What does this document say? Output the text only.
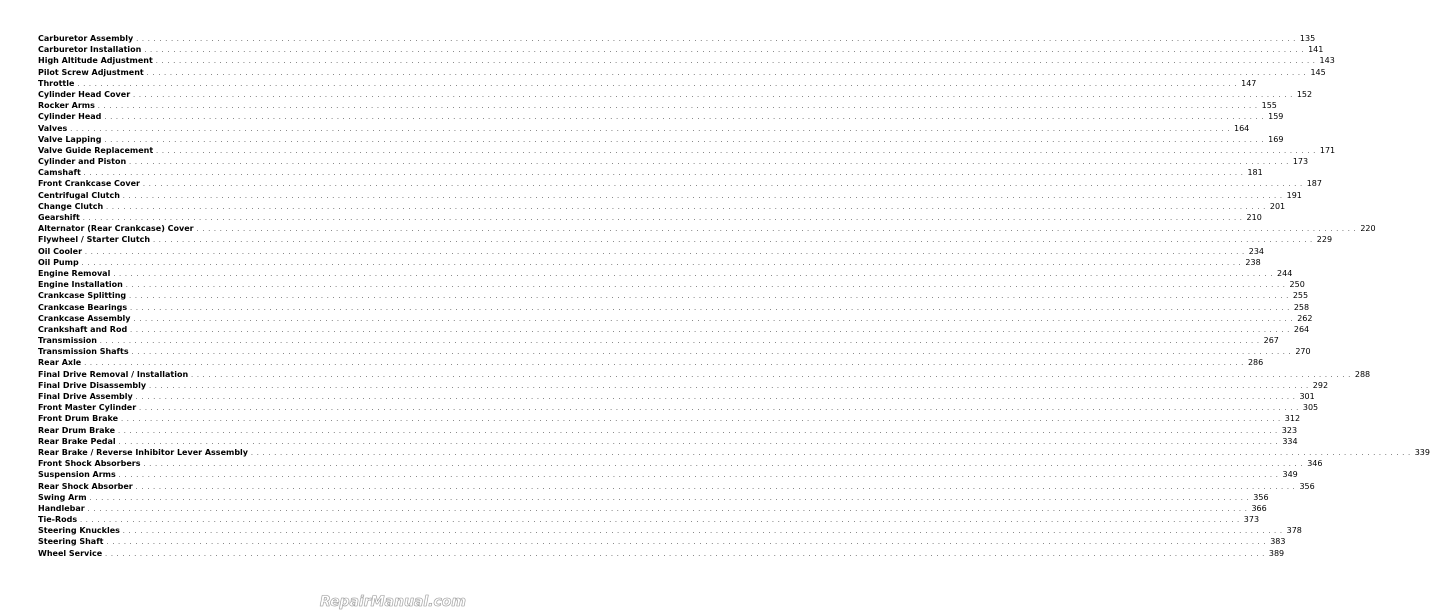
Carburetor Assembly . . . . . . . . . . . . . . . . . . . . . . . . . . . . . . . . . . . . . . . . . . . . . . . . . . . . . . . . . . . . . . . . . . . . . . . . . . . . . . . . . . . . . . . . . . . . . . . . . . . . . . . . . . . . . . . . . . . . . . . . . . . . . . . . . . . . . . . . . . . . . . . . . . . . . . . . . . . . . . . . . . . . . . . . . . . . . . . . . . . . . . . . . . . . . . . . . . . . . . . . 135
Carburetor Installation . . . . . . . . . . . . . . . . . . . . . . . . . . . . . . . . . . . . . . . . . . . . . . . . . . . . . . . . . . . . . . . . . . . . . . . . . . . . . . . . . . . . . . . . . . . . . . . . . . . . . . . . . . . . . . . . . . . . . . . . . . . . . . . . . . . . . . . . . . . . . . . . . . . . . . . . . . . . . . . . . . . . . . . . . . . . . . . . . . . . . . . . . . . . . . . . . . . . . . . . 141
High Altitude Adjustment . . . . . . . . . . . . . . . . . . . . . . . . . . . . . . . . . . . . . . . . . . . . . . . . . . . . . . . . . . . . . . . . . . . . . . . . . . . . . . . . . . . . . . . . . . . . . . . . . . . . . . . . . . . . . . . . . . . . . . . . . . . . . . . . . . . . . . . . . . . . . . . . . . . . . . . . . . . . . . . . . . . . . . . . . . . . . . . . . . . . . . . . . . . . . . . . . . . . . . . . 143
Pilot Screw Adjustment . . . . . . . . . . . . . . . . . . . . . . . . . . . . . . . . . . . . . . . . . . . . . . . . . . . . . . . . . . . . . . . . . . . . . . . . . . . . . . . . . . . . . . . . . . . . . . . . . . . . . . . . . . . . . . . . . . . . . . . . . . . . . . . . . . . . . . . . . . . . . . . . . . . . . . . . . . . . . . . . . . . . . . . . . . . . . . . . . . . . . . . . . . . . . . . . . . . . . . . . 145
Throttle . . . . . . . . . . . . . . . . . . . . . . . . . . . . . . . . . . . . . . . . . . . . . . . . . . . . . . . . . . . . . . . . . . . . . . . . . . . . . . . . . . . . . . . . . . . . . . . . . . . . . . . . . . . . . . . . . . . . . . . . . . . . . . . . . . . . . . . . . . . . . . . . . . . . . . . . . . . . . . . . . . . . . . . . . . . . . . . . . . . . . . . . . . . . . . . . . . . . . . . . 147
Cylinder Head Cover . . . . . . . . . . . . . . . . . . . . . . . . . . . . . . . . . . . . . . . . . . . . . . . . . . . . . . . . . . . . . . . . . . . . . . . . . . . . . . . . . . . . . . . . . . . . . . . . . . . . . . . . . . . . . . . . . . . . . . . . . . . . . . . . . . . . . . . . . . . . . . . . . . . . . . . . . . . . . . . . . . . . . . . . . . . . . . . . . . . . . . . . . . . . . . . . . . . . . . . . 152
Rocker Arms . . . . . . . . . . . . . . . . . . . . . . . . . . . . . . . . . . . . . . . . . . . . . . . . . . . . . . . . . . . . . . . . . . . . . . . . . . . . . . . . . . . . . . . . . . . . . . . . . . . . . . . . . . . . . . . . . . . . . . . . . . . . . . . . . . . . . . . . . . . . . . . . . . . . . . . . . . . . . . . . . . . . . . . . . . . . . . . . . . . . . . . . . . . . . . . . . . . . . . . . 155
Cylinder Head . . . . . . . . . . . . . . . . . . . . . . . . . . . . . . . . . . . . . . . . . . . . . . . . . . . . . . . . . . . . . . . . . . . . . . . . . . . . . . . . . . . . . . . . . . . . . . . . . . . . . . . . . . . . . . . . . . . . . . . . . . . . . . . . . . . . . . . . . . . . . . . . . . . . . . . . . . . . . . . . . . . . . . . . . . . . . . . . . . . . . . . . . . . . . . . . . . . . . . . . 159
Valves . . . . . . . . . . . . . . . . . . . . . . . . . . . . . . . . . . . . . . . . . . . . . . . . . . . . . . . . . . . . . . . . . . . . . . . . . . . . . . . . . . . . . . . . . . . . . . . . . . . . . . . . . . . . . . . . . . . . . . . . . . . . . . . . . . . . . . . . . . . . . . . . . . . . . . . . . . . . . . . . . . . . . . . . . . . . . . . . . . . . . . . . . . . . . . . . . . . . . . . . 164
Valve Lapping . . . . . . . . . . . . . . . . . . . . . . . . . . . . . . . . . . . . . . . . . . . . . . . . . . . . . . . . . . . . . . . . . . . . . . . . . . . . . . . . . . . . . . . . . . . . . . . . . . . . . . . . . . . . . . . . . . . . . . . . . . . . . . . . . . . . . . . . . . . . . . . . . . . . . . . . . . . . . . . . . . . . . . . . . . . . . . . . . . . . . . . . . . . . . . . . . . . . . . . . 169
Valve Guide Replacement . . . . . . . . . . . . . . . . . . . . . . . . . . . . . . . . . . . . . . . . . . . . . . . . . . . . . . . . . . . . . . . . . . . . . . . . . . . . . . . . . . . . . . . . . . . . . . . . . . . . . . . . . . . . . . . . . . . . . . . . . . . . . . . . . . . . . . . . . . . . . . . . . . . . . . . . . . . . . . . . . . . . . . . . . . . . . . . . . . . . . . . . . . . . . . . . . . . . . . . . 171
Cylinder and Piston . . . . . . . . . . . . . . . . . . . . . . . . . . . . . . . . . . . . . . . . . . . . . . . . . . . . . . . . . . . . . . . . . . . . . . . . . . . . . . . . . . . . . . . . . . . . . . . . . . . . . . . . . . . . . . . . . . . . . . . . . . . . . . . . . . . . . . . . . . . . . . . . . . . . . . . . . . . . . . . . . . . . . . . . . . . . . . . . . . . . . . . . . . . . . . . . . . . . . . . . 173
Camshaft . . . . . . . . . . . . . . . . . . . . . . . . . . . . . . . . . . . . . . . . . . . . . . . . . . . . . . . . . . . . . . . . . . . . . . . . . . . . . . . . . . . . . . . . . . . . . . . . . . . . . . . . . . . . . . . . . . . . . . . . . . . . . . . . . . . . . . . . . . . . . . . . . . . . . . . . . . . . . . . . . . . . . . . . . . . . . . . . . . . . . . . . . . . . . . . . . . . . . . . . 181
Front Crankcase Cover . . . . . . . . . . . . . . . . . . . . . . . . . . . . . . . . . . . . . . . . . . . . . . . . . . . . . . . . . . . . . . . . . . . . . . . . . . . . . . . . . . . . . . . . . . . . . . . . . . . . . . . . . . . . . . . . . . . . . . . . . . . . . . . . . . . . . . . . . . . . . . . . . . . . . . . . . . . . . . . . . . . . . . . . . . . . . . . . . . . . . . . . . . . . . . . . . . . . . . . . 187
Centrifugal Clutch . . . . . . . . . . . . . . . . . . . . . . . . . . . . . . . . . . . . . . . . . . . . . . . . . . . . . . . . . . . . . . . . . . . . . . . . . . . . . . . . . . . . . . . . . . . . . . . . . . . . . . . . . . . . . . . . . . . . . . . . . . . . . . . . . . . . . . . . . . . . . . . . . . . . . . . . . . . . . . . . . . . . . . . . . . . . . . . . . . . . . . . . . . . . . . . . . . . . . . . . 191
Change Clutch . . . . . . . . . . . . . . . . . . . . . . . . . . . . . . . . . . . . . . . . . . . . . . . . . . . . . . . . . . . . . . . . . . . . . . . . . . . . . . . . . . . . . . . . . . . . . . . . . . . . . . . . . . . . . . . . . . . . . . . . . . . . . . . . . . . . . . . . . . . . . . . . . . . . . . . . . . . . . . . . . . . . . . . . . . . . . . . . . . . . . . . . . . . . . . . . . . . . . . . . 201
Gearshift . . . . . . . . . . . . . . . . . . . . . . . . . . . . . . . . . . . . . . . . . . . . . . . . . . . . . . . . . . . . . . . . . . . . . . . . . . . . . . . . . . . . . . . . . . . . . . . . . . . . . . . . . . . . . . . . . . . . . . . . . . . . . . . . . . . . . . . . . . . . . . . . . . . . . . . . . . . . . . . . . . . . . . . . . . . . . . . . . . . . . . . . . . . . . . . . . . . . . . . . 210
Alternator (Rear Crankcase) Cover . . . . . . . . . . . . . . . . . . . . . . . . . . . . . . . . . . . . . . . . . . . . . . . . . . . . . . . . . . . . . . . . . . . . . . . . . . . . . . . . . . . . . . . . . . . . . . . . . . . . . . . . . . . . . . . . . . . . . . . . . . . . . . . . . . . . . . . . . . . . . . . . . . . . . . . . . . . . . . . . . . . . . . . . . . . . . . . . . . . . . . . . . . . . . . . . . . . . . . . . 220
Flywheel / Starter Clutch . . . . . . . . . . . . . . . . . . . . . . . . . . . . . . . . . . . . . . . . . . . . . . . . . . . . . . . . . . . . . . . . . . . . . . . . . . . . . . . . . . . . . . . . . . . . . . . . . . . . . . . . . . . . . . . . . . . . . . . . . . . . . . . . . . . . . . . . . . . . . . . . . . . . . . . . . . . . . . . . . . . . . . . . . . . . . . . . . . . . . . . . . . . . . . . . . . . . . . . . 229
Oil Cooler . . . . . . . . . . . . . . . . . . . . . . . . . . . . . . . . . . . . . . . . . . . . . . . . . . . . . . . . . . . . . . . . . . . . . . . . . . . . . . . . . . . . . . . . . . . . . . . . . . . . . . . . . . . . . . . . . . . . . . . . . . . . . . . . . . . . . . . . . . . . . . . . . . . . . . . . . . . . . . . . . . . . . . . . . . . . . . . . . . . . . . . . . . . . . . . . . . . . . . . . 234
Oil Pump . . . . . . . . . . . . . . . . . . . . . . . . . . . . . . . . . . . . . . . . . . . . . . . . . . . . . . . . . . . . . . . . . . . . . . . . . . . . . . . . . . . . . . . . . . . . . . . . . . . . . . . . . . . . . . . . . . . . . . . . . . . . . . . . . . . . . . . . . . . . . . . . . . . . . . . . . . . . . . . . . . . . . . . . . . . . . . . . . . . . . . . . . . . . . . . . . . . . . . . . 238
Engine Removal . . . . . . . . . . . . . . . . . . . . . . . . . . . . . . . . . . . . . . . . . . . . . . . . . . . . . . . . . . . . . . . . . . . . . . . . . . . . . . . . . . . . . . . . . . . . . . . . . . . . . . . . . . . . . . . . . . . . . . . . . . . . . . . . . . . . . . . . . . . . . . . . . . . . . . . . . . . . . . . . . . . . . . . . . . . . . . . . . . . . . . . . . . . . . . . . . . . . . . . . 244
Engine Installation . . . . . . . . . . . . . . . . . . . . . . . . . . . . . . . . . . . . . . . . . . . . . . . . . . . . . . . . . . . . . . . . . . . . . . . . . . . . . . . . . . . . . . . . . . . . . . . . . . . . . . . . . . . . . . . . . . . . . . . . . . . . . . . . . . . . . . . . . . . . . . . . . . . . . . . . . . . . . . . . . . . . . . . . . . . . . . . . . . . . . . . . . . . . . . . . . . . . . . . . 250
Crankcase Splitting . . . . . . . . . . . . . . . . . . . . . . . . . . . . . . . . . . . . . . . . . . . . . . . . . . . . . . . . . . . . . . . . . . . . . . . . . . . . . . . . . . . . . . . . . . . . . . . . . . . . . . . . . . . . . . . . . . . . . . . . . . . . . . . . . . . . . . . . . . . . . . . . . . . . . . . . . . . . . . . . . . . . . . . . . . . . . . . . . . . . . . . . . . . . . . . . . . . . . . . . 255
Crankcase Bearings . . . . . . . . . . . . . . . . . . . . . . . . . . . . . . . . . . . . . . . . . . . . . . . . . . . . . . . . . . . . . . . . . . . . . . . . . . . . . . . . . . . . . . . . . . . . . . . . . . . . . . . . . . . . . . . . . . . . . . . . . . . . . . . . . . . . . . . . . . . . . . . . . . . . . . . . . . . . . . . . . . . . . . . . . . . . . . . . . . . . . . . . . . . . . . . . . . . . . . . . 258
Crankcase Assembly . . . . . . . . . . . . . . . . . . . . . . . . . . . . . . . . . . . . . . . . . . . . . . . . . . . . . . . . . . . . . . . . . . . . . . . . . . . . . . . . . . . . . . . . . . . . . . . . . . . . . . . . . . . . . . . . . . . . . . . . . . . . . . . . . . . . . . . . . . . . . . . . . . . . . . . . . . . . . . . . . . . . . . . . . . . . . . . . . . . . . . . . . . . . . . . . . . . . . . . . 262
Crankshaft and Rod . . . . . . . . . . . . . . . . . . . . . . . . . . . . . . . . . . . . . . . . . . . . . . . . . . . . . . . . . . . . . . . . . . . . . . . . . . . . . . . . . . . . . . . . . . . . . . . . . . . . . . . . . . . . . . . . . . . . . . . . . . . . . . . . . . . . . . . . . . . . . . . . . . . . . . . . . . . . . . . . . . . . . . . . . . . . . . . . . . . . . . . . . . . . . . . . . . . . . . . . 264
Transmission . . . . . . . . . . . . . . . . . . . . . . . . . . . . . . . . . . . . . . . . . . . . . . . . . . . . . . . . . . . . . . . . . . . . . . . . . . . . . . . . . . . . . . . . . . . . . . . . . . . . . . . . . . . . . . . . . . . . . . . . . . . . . . . . . . . . . . . . . . . . . . . . . . . . . . . . . . . . . . . . . . . . . . . . . . . . . . . . . . . . . . . . . . . . . . . . . . . . . . . . 267
Transmission Shafts . . . . . . . . . . . . . . . . . . . . . . . . . . . . . . . . . . . . . . . . . . . . . . . . . . . . . . . . . . . . . . . . . . . . . . . . . . . . . . . . . . . . . . . . . . . . . . . . . . . . . . . . . . . . . . . . . . . . . . . . . . . . . . . . . . . . . . . . . . . . . . . . . . . . . . . . . . . . . . . . . . . . . . . . . . . . . . . . . . . . . . . . . . . . . . . . . . . . . . . . 270
Rear Axle . . . . . . . . . . . . . . . . . . . . . . . . . . . . . . . . . . . . . . . . . . . . . . . . . . . . . . . . . . . . . . . . . . . . . . . . . . . . . . . . . . . . . . . . . . . . . . . . . . . . . . . . . . . . . . . . . . . . . . . . . . . . . . . . . . . . . . . . . . . . . . . . . . . . . . . . . . . . . . . . . . . . . . . . . . . . . . . . . . . . . . . . . . . . . . . . . . . . . . . . 286
Final Drive Removal / Installation . . . . . . . . . . . . . . . . . . . . . . . . . . . . . . . . . . . . . . . . . . . . . . . . . . . . . . . . . . . . . . . . . . . . . . . . . . . . . . . . . . . . . . . . . . . . . . . . . . . . . . . . . . . . . . . . . . . . . . . . . . . . . . . . . . . . . . . . . . . . . . . . . . . . . . . . . . . . . . . . . . . . . . . . . . . . . . . . . . . . . . . . . . . . . . . . . . . . . . . . 288
Final Drive Disassembly . . . . . . . . . . . . . . . . . . . . . . . . . . . . . . . . . . . . . . . . . . . . . . . . . . . . . . . . . . . . . . . . . . . . . . . . . . . . . . . . . . . . . . . . . . . . . . . . . . . . . . . . . . . . . . . . . . . . . . . . . . . . . . . . . . . . . . . . . . . . . . . . . . . . . . . . . . . . . . . . . . . . . . . . . . . . . . . . . . . . . . . . . . . . . . . . . . . . . . . . 292
Final Drive Assembly . . . . . . . . . . . . . . . . . . . . . . . . . . . . . . . . . . . . . . . . . . . . . . . . . . . . . . . . . . . . . . . . . . . . . . . . . . . . . . . . . . . . . . . . . . . . . . . . . . . . . . . . . . . . . . . . . . . . . . . . . . . . . . . . . . . . . . . . . . . . . . . . . . . . . . . . . . . . . . . . . . . . . . . . . . . . . . . . . . . . . . . . . . . . . . . . . . . . . . . . 301
Front Master Cylinder . . . . . . . . . . . . . . . . . . . . . . . . . . . . . . . . . . . . . . . . . . . . . . . . . . . . . . . . . . . . . . . . . . . . . . . . . . . . . . . . . . . . . . . . . . . . . . . . . . . . . . . . . . . . . . . . . . . . . . . . . . . . . . . . . . . . . . . . . . . . . . . . . . . . . . . . . . . . . . . . . . . . . . . . . . . . . . . . . . . . . . . . . . . . . . . . . . . . . . . . 305
Front Drum Brake . . . . . . . . . . . . . . . . . . . . . . . . . . . . . . . . . . . . . . . . . . . . . . . . . . . . . . . . . . . . . . . . . . . . . . . . . . . . . . . . . . . . . . . . . . . . . . . . . . . . . . . . . . . . . . . . . . . . . . . . . . . . . . . . . . . . . . . . . . . . . . . . . . . . . . . . . . . . . . . . . . . . . . . . . . . . . . . . . . . . . . . . . . . . . . . . . . . . . . . . 312
Rear Drum Brake . . . . . . . . . . . . . . . . . . . . . . . . . . . . . . . . . . . . . . . . . . . . . . . . . . . . . . . . . . . . . . . . . . . . . . . . . . . . . . . . . . . . . . . . . . . . . . . . . . . . . . . . . . . . . . . . . . . . . . . . . . . . . . . . . . . . . . . . . . . . . . . . . . . . . . . . . . . . . . . . . . . . . . . . . . . . . . . . . . . . . . . . . . . . . . . . . . . . . . . . 323
Rear Brake Pedal . . . . . . . . . . . . . . . . . . . . . . . . . . . . . . . . . . . . . . . . . . . . . . . . . . . . . . . . . . . . . . . . . . . . . . . . . . . . . . . . . . . . . . . . . . . . . . . . . . . . . . . . . . . . . . . . . . . . . . . . . . . . . . . . . . . . . . . . . . . . . . . . . . . . . . . . . . . . . . . . . . . . . . . . . . . . . . . . . . . . . . . . . . . . . . . . . . . . . . . . 334
Rear Brake / Reverse Inhibitor Lever Assembly . . . . . . . . . . . . . . . . . . . . . . . . . . . . . . . . . . . . . . . . . . . . . . . . . . . . . . . . . . . . . . . . . . . . . . . . . . . . . . . . . . . . . . . . . . . . . . . . . . . . . . . . . . . . . . . . . . . . . . . . . . . . . . . . . . . . . . . . . . . . . . . . . . . . . . . . . . . . . . . . . . . . . . . . . . . . . . . . . . . . . . . . . . . . . . . . . . . . . . . . 339
Front Shock Absorbers . . . . . . . . . . . . . . . . . . . . . . . . . . . . . . . . . . . . . . . . . . . . . . . . . . . . . . . . . . . . . . . . . . . . . . . . . . . . . . . . . . . . . . . . . . . . . . . . . . . . . . . . . . . . . . . . . . . . . . . . . . . . . . . . . . . . . . . . . . . . . . . . . . . . . . . . . . . . . . . . . . . . . . . . . . . . . . . . . . . . . . . . . . . . . . . . . . . . . . . . 346
Suspension Arms . . . . . . . . . . . . . . . . . . . . . . . . . . . . . . . . . . . . . . . . . . . . . . . . . . . . . . . . . . . . . . . . . . . . . . . . . . . . . . . . . . . . . . . . . . . . . . . . . . . . . . . . . . . . . . . . . . . . . . . . . . . . . . . . . . . . . . . . . . . . . . . . . . . . . . . . . . . . . . . . . . . . . . . . . . . . . . . . . . . . . . . . . . . . . . . . . . . . . . . . 349
Rear Shock Absorber . . . . . . . . . . . . . . . . . . . . . . . . . . . . . . . . . . . . . . . . . . . . . . . . . . . . . . . . . . . . . . . . . . . . . . . . . . . . . . . . . . . . . . . . . . . . . . . . . . . . . . . . . . . . . . . . . . . . . . . . . . . . . . . . . . . . . . . . . . . . . . . . . . . . . . . . . . . . . . . . . . . . . . . . . . . . . . . . . . . . . . . . . . . . . . . . . . . . . . . . 356
Swing Arm . . . . . . . . . . . . . . . . . . . . . . . . . . . . . . . . . . . . . . . . . . . . . . . . . . . . . . . . . . . . . . . . . . . . . . . . . . . . . . . . . . . . . . . . . . . . . . . . . . . . . . . . . . . . . . . . . . . . . . . . . . . . . . . . . . . . . . . . . . . . . . . . . . . . . . . . . . . . . . . . . . . . . . . . . . . . . . . . . . . . . . . . . . . . . . . . . . . . . . . . 356
Handlebar . . . . . . . . . . . . . . . . . . . . . . . . . . . . . . . . . . . . . . . . . . . . . . . . . . . . . . . . . . . . . . . . . . . . . . . . . . . . . . . . . . . . . . . . . . . . . . . . . . . . . . . . . . . . . . . . . . . . . . . . . . . . . . . . . . . . . . . . . . . . . . . . . . . . . . . . . . . . . . . . . . . . . . . . . . . . . . . . . . . . . . . . . . . . . . . . . . . . . . . . 366
Tie-Rods . . . . . . . . . . . . . . . . . . . . . . . . . . . . . . . . . . . . . . . . . . . . . . . . . . . . . . . . . . . . . . . . . . . . . . . . . . . . . . . . . . . . . . . . . . . . . . . . . . . . . . . . . . . . . . . . . . . . . . . . . . . . . . . . . . . . . . . . . . . . . . . . . . . . . . . . . . . . . . . . . . . . . . . . . . . . . . . . . . . . . . . . . . . . . . . . . . . . . . . . 373
Steering Knuckles . . . . . . . . . . . . . . . . . . . . . . . . . . . . . . . . . . . . . . . . . . . . . . . . . . . . . . . . . . . . . . . . . . . . . . . . . . . . . . . . . . . . . . . . . . . . . . . . . . . . . . . . . . . . . . . . . . . . . . . . . . . . . . . . . . . . . . . . . . . . . . . . . . . . . . . . . . . . . . . . . . . . . . . . . . . . . . . . . . . . . . . . . . . . . . . . . . . . . . . . 378
Steering Shaft . . . . . . . . . . . . . . . . . . . . . . . . . . . . . . . . . . . . . . . . . . . . . . . . . . . . . . . . . . . . . . . . . . . . . . . . . . . . . . . . . . . . . . . . . . . . . . . . . . . . . . . . . . . . . . . . . . . . . . . . . . . . . . . . . . . . . . . . . . . . . . . . . . . . . . . . . . . . . . . . . . . . . . . . . . . . . . . . . . . . . . . . . . . . . . . . . . . . . . . . 383
Wheel Service . . . . . . . . . . . . . . . . . . . . . . . . . . . . . . . . . . . . . . . . . . . . . . . . . . . . . . . . . . . . . . . . . . . . . . . . . . . . . . . . . . . . . . . . . . . . . . . . . . . . . . . . . . . . . . . . . . . . . . . . . . . . . . . . . . . . . . . . . . . . . . . . . . . . . . . . . . . . . . . . . . . . . . . . . . . . . . . . . . . . . . . . . . . . . . . . . . . . . . . . 389
RepairManual.com
